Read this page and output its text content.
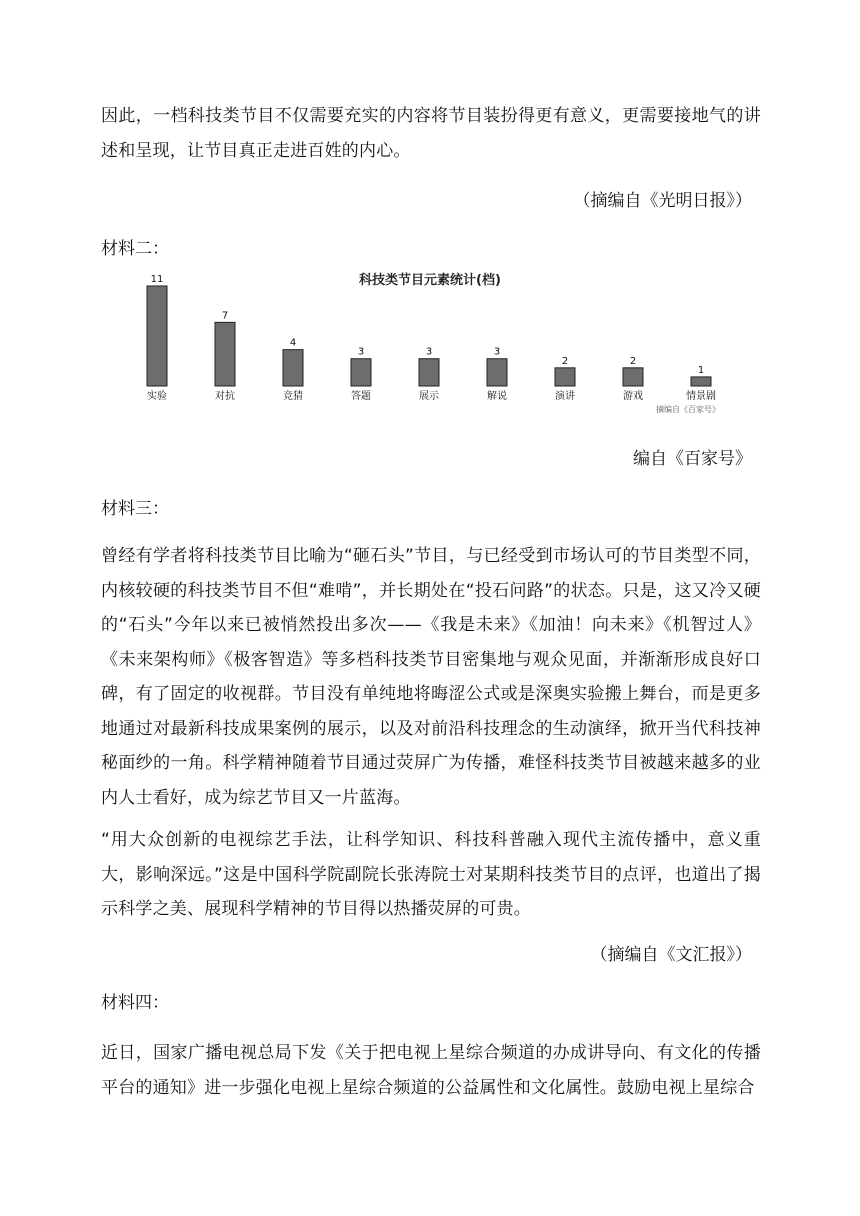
因此，一档科技类节目不仅需要充实的内容将节目装扮得更有意义，更需要接地气的讲述和呈现，让节目真正走进百姓的内心。

（摘编自《光明日报》）
材料二：
科技类节目元素统计(档)
11
实验
7
对抗
4
竞猜
3
答题
3
展示
3
解说
2
演讲
2
游戏
1
情景剧
摘编自《百家号》
编自《百家号》
材料三：

曾经有学者将科技类节目比喻为“砸石头”节目，与已经受到市场认可的节目类型不同，内核较硬的科技类节目不但“难啃”，并长期处在“投石问路”的状态。只是，这又冷又硬的“石头”今年以来已被悄然投出多次——《我是未来》《加油！向未来》《机智过人》《未来架构师》《极客智造》等多档科技类节目密集地与观众见面，并渐渐形成良好口碑，有了固定的收视群。节目没有单纯地将晦涩公式或是深奥实验搬上舞台，而是更多地通过对最新科技成果案例的展示，以及对前沿科技理念的生动演绎，掀开当代科技神秘面纱的一角。科学精神随着节目通过荧屏广为传播，难怪科技类节目被越来越多的业内人士看好，成为综艺节目又一片蓝海。

“用大众创新的电视综艺手法，让科学知识、科技科普融入现代主流传播中，意义重大，影响深远。”这是中国科学院副院长张涛院士对某期科技类节目的点评，也道出了揭示科学之美、展现科学精神的节目得以热播荧屏的可贵。

（摘编自《文汇报》）
材料四：

近日，国家广播电视总局下发《关于把电视上星综合频道的办成讲导向、有文化的传播平台的通知》进一步强化电视上星综合频道的公益属性和文化属性。鼓励电视上星综合
